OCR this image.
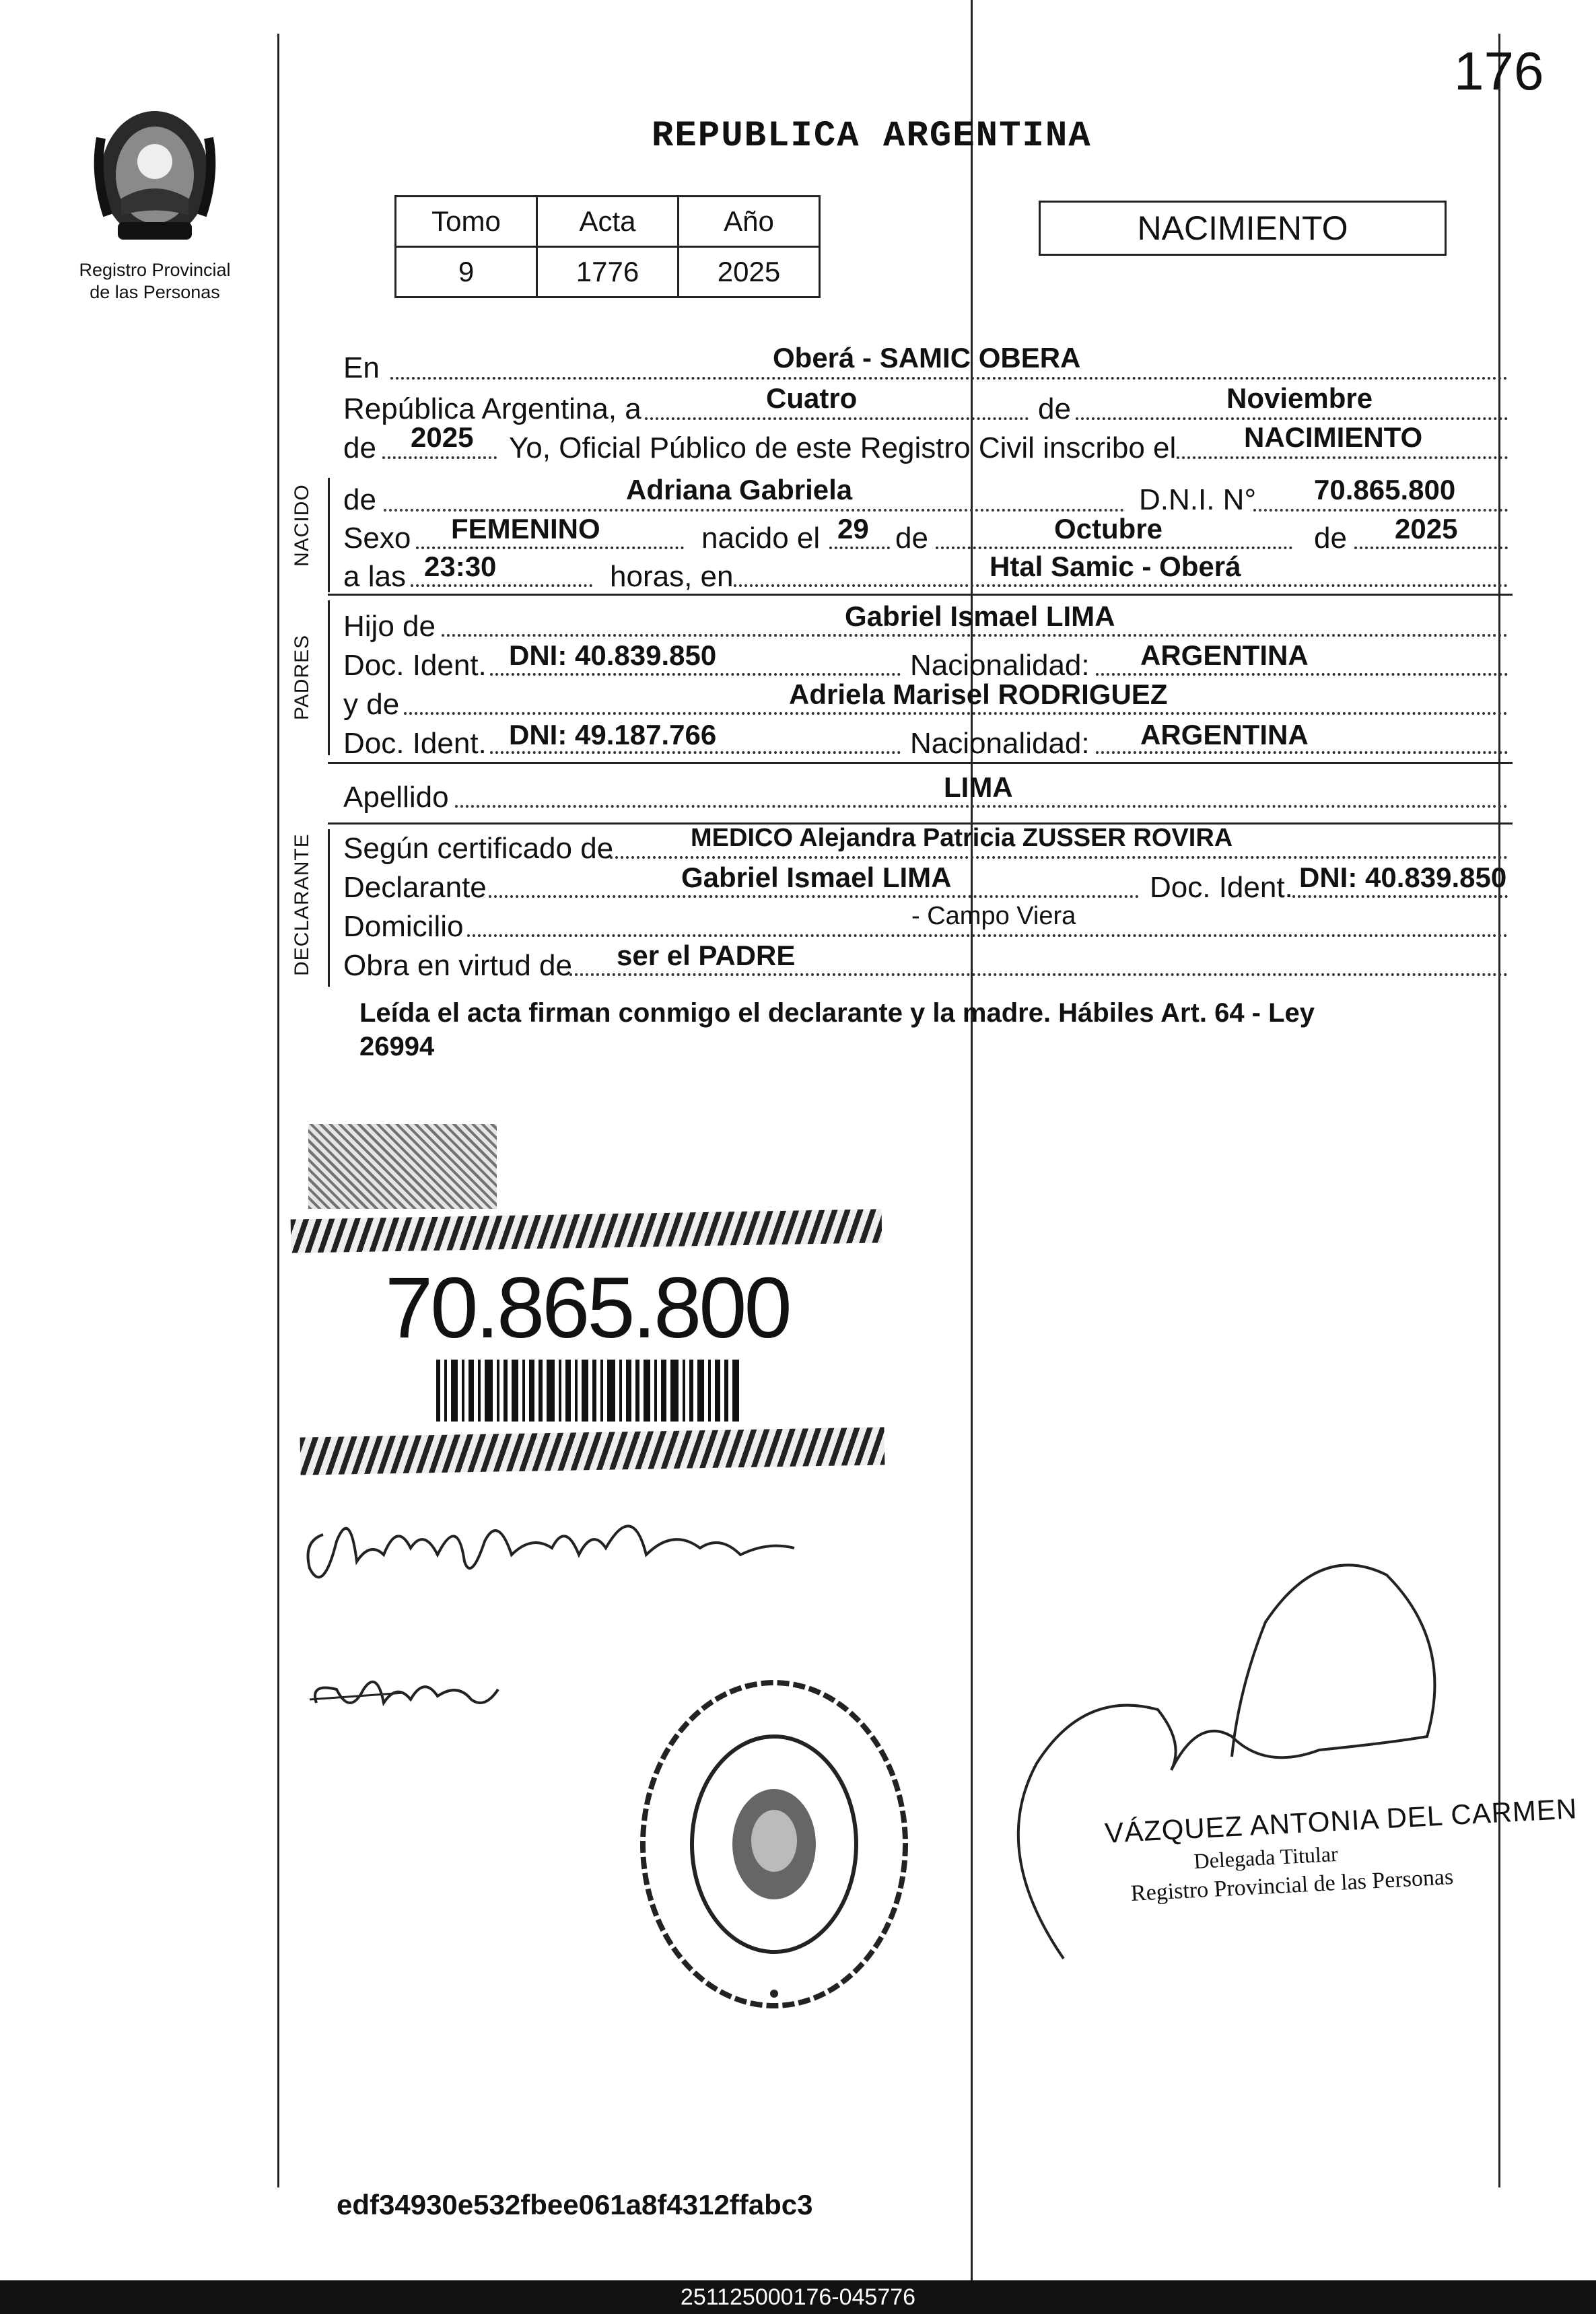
176
Registro Provincial
de las Personas
REPUBLICA ARGENTINA
Tomo	Acta	Año
9	1776	2025
NACIMIENTO
En	Oberá - SAMIC OBERA
República Argentina, a	Cuatro	de	Noviembre
de 2025 Yo, Oficial Público de este Registro Civil inscribo el NACIMIENTO
NACIDO de	Adriana Gabriela	D.N.I. N° 70.865.800
Sexo FEMENINO	nacido el 29 de	Octubre	de 2025
a las 23:30	horas, en	Htal Samic - Oberá
PADRES
Hijo de	Gabriel Ismael LIMA
Doc. Ident. DNI: 40.839.850	Nacionalidad: ARGENTINA
y de	Adriela Marisel RODRIGUEZ
Doc. Ident. DNI: 49.187.766	Nacionalidad: ARGENTINA
Apellido	LIMA
DECLARANTE Según certificado de	MEDICO Alejandra Patricia ZUSSER ROVIRA
Declarante	Gabriel Ismael LIMA	Doc. Ident. DNI: 40.839.850
Domicilio	- Campo Viera
Obra en virtud de ser el PADRE
Leída el acta firman conmigo el declarante y la madre. Hábiles Art. 64 - Ley
26994
70.865.800
VÁZQUEZ ANTONIA DEL CARMEN
Delegada Titular
Registro Provincial de las Personas
edf34930e532fbee061a8f4312ffabc3
251125000176-045776
